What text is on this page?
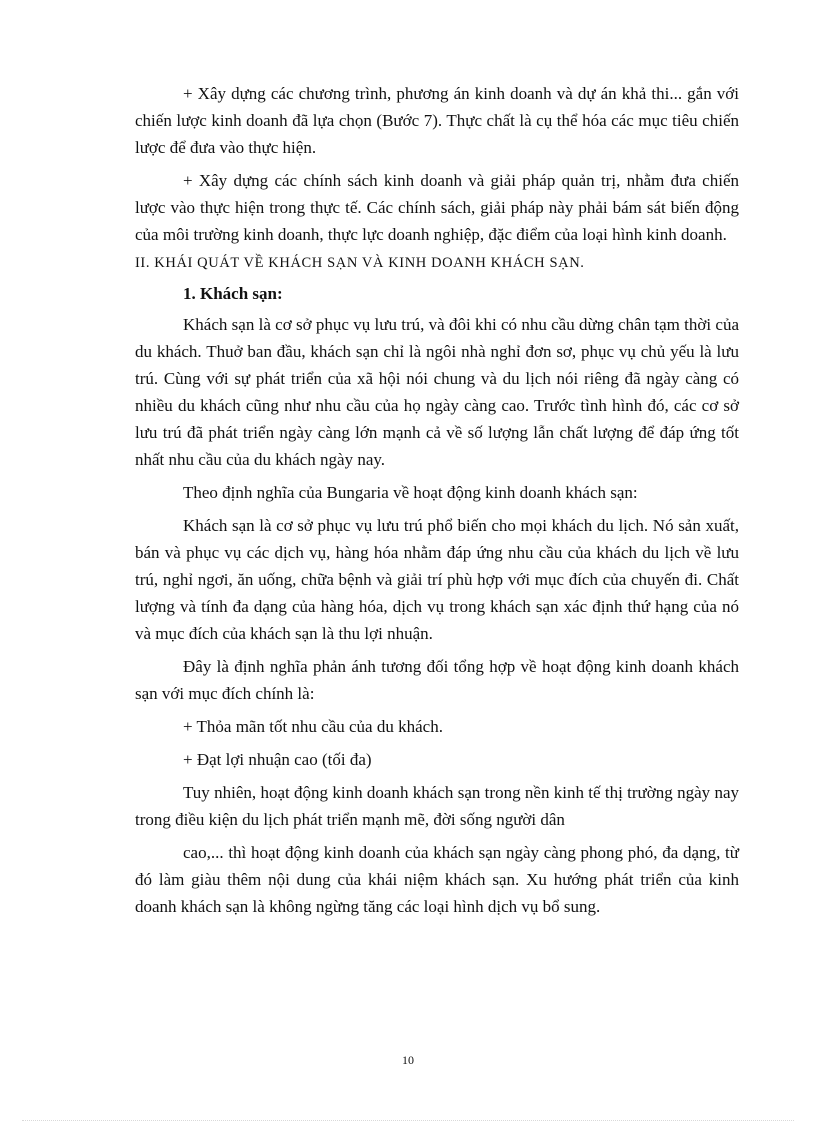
+ Xây dựng các chương trình, phương án kinh doanh và dự án khả thi... gắn với chiến lược kinh doanh đã lựa chọn (Bước 7). Thực chất là cụ thể hóa các mục tiêu chiến lược để đưa vào thực hiện.

+ Xây dựng các chính sách kinh doanh và giải pháp quản trị, nhằm đưa chiến lược vào thực hiện trong thực tế. Các chính sách, giải pháp này phải bám sát biến động của môi trường kinh doanh, thực lực doanh nghiệp, đặc điểm của loại hình kinh doanh.

II. KHÁI QUÁT VỀ KHÁCH SẠN VÀ KINH DOANH KHÁCH SẠN.

1. Khách sạn:

Khách sạn là cơ sở phục vụ lưu trú, và đôi khi có nhu cầu dừng chân tạm thời của du khách. Thuở ban đầu, khách sạn chỉ là ngôi nhà nghỉ đơn sơ, phục vụ chủ yếu là lưu trú. Cùng với sự phát triển của xã hội nói chung và du lịch nói riêng đã ngày càng có nhiều du khách cũng như nhu cầu của họ ngày càng cao. Trước tình hình đó, các cơ sở lưu trú đã phát triển ngày càng lớn mạnh cả về số lượng lẫn chất lượng để đáp ứng tốt nhất nhu cầu của du khách ngày nay.

Theo định nghĩa của Bungaria về hoạt động kinh doanh khách sạn:

Khách sạn là cơ sở phục vụ lưu trú phổ biến cho mọi khách du lịch. Nó sản xuất, bán và phục vụ các dịch vụ, hàng hóa nhằm đáp ứng nhu cầu của khách du lịch về lưu trú, nghỉ ngơi, ăn uống, chữa bệnh và giải trí phù hợp với mục đích của chuyến đi. Chất lượng và tính đa dạng của hàng hóa, dịch vụ trong khách sạn xác định thứ hạng của nó và mục đích của khách sạn là thu lợi nhuận.

Đây là định nghĩa phản ánh tương đối tổng hợp về hoạt động kinh doanh khách sạn với mục đích chính là:

+ Thỏa mãn tốt nhu cầu của du khách.

+ Đạt lợi nhuận cao (tối đa)

Tuy nhiên, hoạt động kinh doanh khách sạn trong nền kinh tế thị trường ngày nay trong điều kiện du lịch phát triển mạnh mẽ, đời sống người dân

cao,... thì hoạt động kinh doanh của khách sạn ngày càng phong phó, đa dạng, từ đó làm giàu thêm nội dung của khái niệm khách sạn. Xu hướng phát triển của kinh doanh khách sạn là không ngừng tăng các loại hình dịch vụ bổ sung.

10
